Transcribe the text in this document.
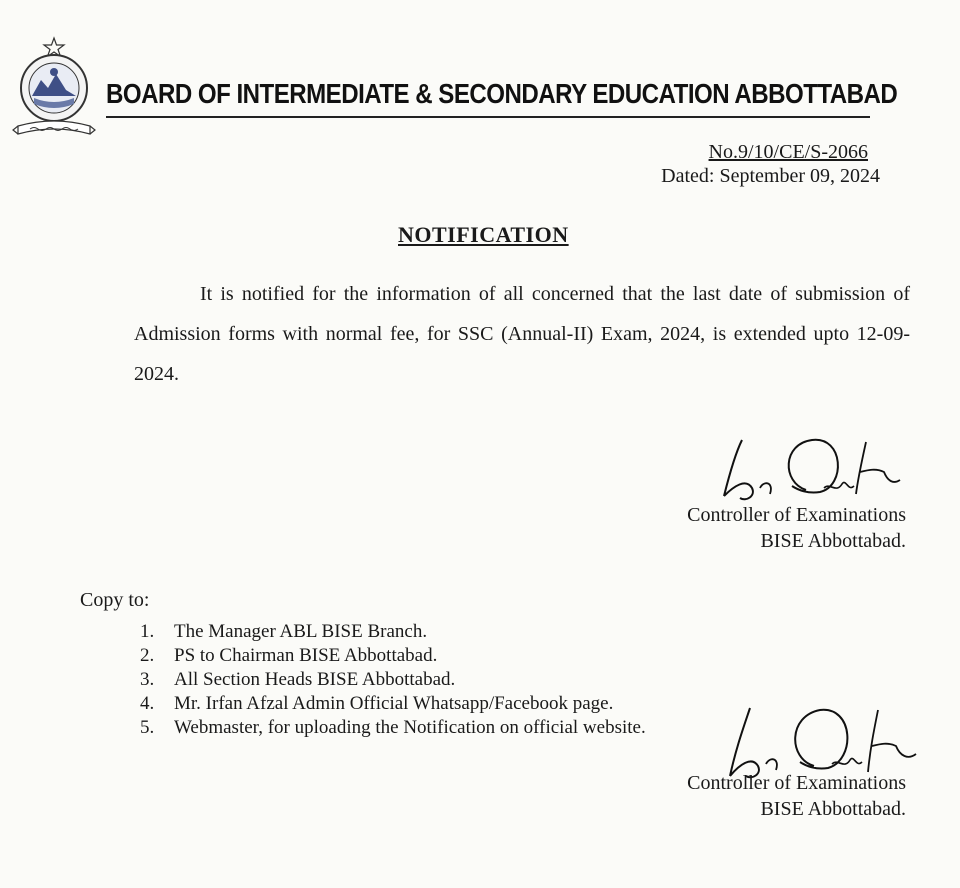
BOARD OF INTERMEDIATE & SECONDARY EDUCATION ABBOTTABAD
No.9/10/CE/S-2066
Dated: September 09, 2024
NOTIFICATION

It is notified for the information of all concerned that the last date of submission of Admission forms with normal fee, for SSC (Annual-II) Exam, 2024, is extended upto 12-09-2024.

Controller of Examinations
BISE Abbottabad.
Copy to:
1. The Manager ABL BISE Branch.
2. PS to Chairman BISE Abbottabad.
3. All Section Heads BISE Abbottabad.
4. Mr. Irfan Afzal Admin Official Whatsapp/Facebook page.
5. Webmaster, for uploading the Notification on official website.
Controller of Examinations
BISE Abbottabad.
